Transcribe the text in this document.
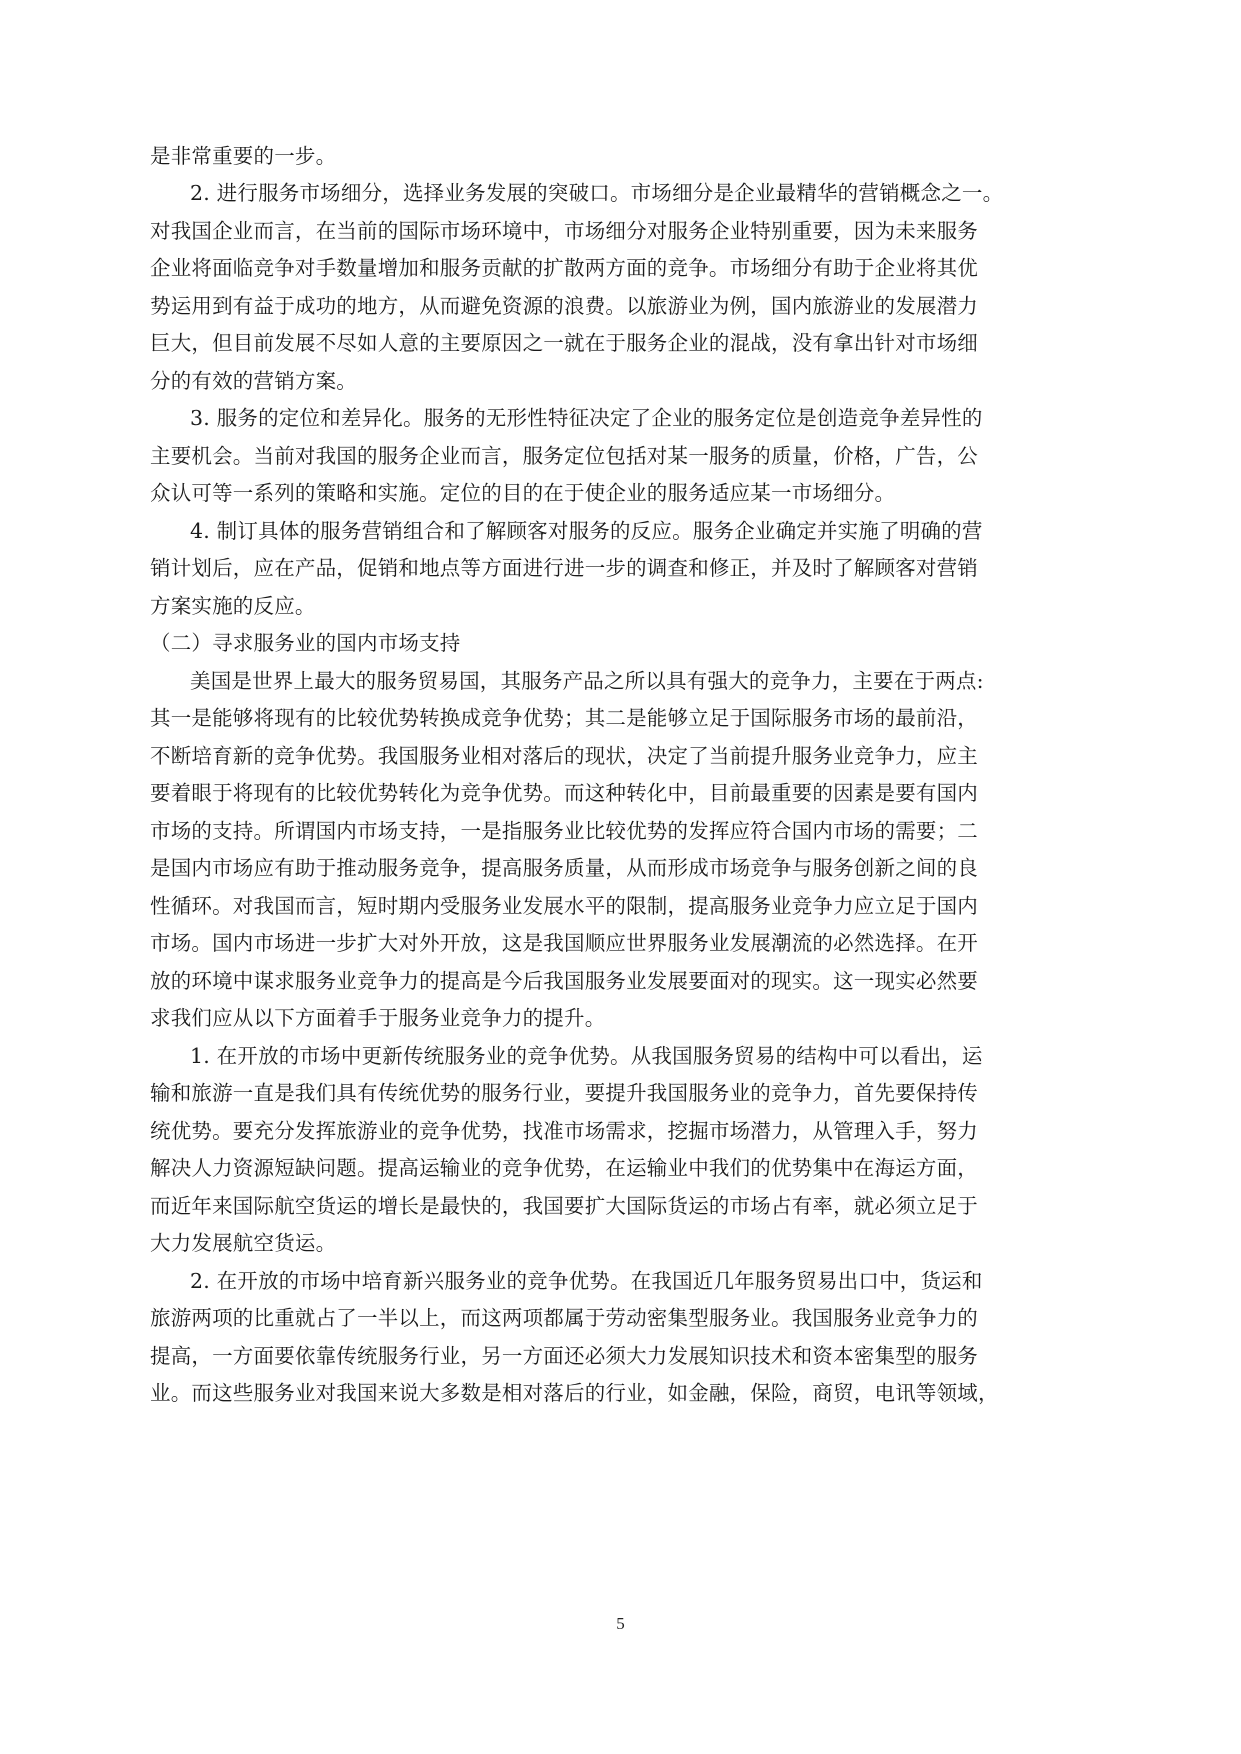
是非常重要的一步。
2. 进行服务市场细分，选择业务发展的突破口。市场细分是企业最精华的营销概念之一。
对我国企业而言，在当前的国际市场环境中，市场细分对服务企业特别重要，因为未来服务
企业将面临竞争对手数量增加和服务贡献的扩散两方面的竞争。市场细分有助于企业将其优
势运用到有益于成功的地方，从而避免资源的浪费。以旅游业为例，国内旅游业的发展潜力
巨大，但目前发展不尽如人意的主要原因之一就在于服务企业的混战，没有拿出针对市场细
分的有效的营销方案。
3. 服务的定位和差异化。服务的无形性特征决定了企业的服务定位是创造竞争差异性的
主要机会。当前对我国的服务企业而言，服务定位包括对某一服务的质量，价格，广告，公
众认可等一系列的策略和实施。定位的目的在于使企业的服务适应某一市场细分。
4. 制订具体的服务营销组合和了解顾客对服务的反应。服务企业确定并实施了明确的营
销计划后，应在产品，促销和地点等方面进行进一步的调查和修正，并及时了解顾客对营销
方案实施的反应。
（二）寻求服务业的国内市场支持
美国是世界上最大的服务贸易国，其服务产品之所以具有强大的竞争力，主要在于两点:
其一是能够将现有的比较优势转换成竞争优势；其二是能够立足于国际服务市场的最前沿，
不断培育新的竞争优势。我国服务业相对落后的现状，决定了当前提升服务业竞争力，应主
要着眼于将现有的比较优势转化为竞争优势。而这种转化中，目前最重要的因素是要有国内
市场的支持。所谓国内市场支持，一是指服务业比较优势的发挥应符合国内市场的需要；二
是国内市场应有助于推动服务竞争，提高服务质量，从而形成市场竞争与服务创新之间的良
性循环。对我国而言，短时期内受服务业发展水平的限制，提高服务业竞争力应立足于国内
市场。国内市场进一步扩大对外开放，这是我国顺应世界服务业发展潮流的必然选择。在开
放的环境中谋求服务业竞争力的提高是今后我国服务业发展要面对的现实。这一现实必然要
求我们应从以下方面着手于服务业竞争力的提升。
1. 在开放的市场中更新传统服务业的竞争优势。从我国服务贸易的结构中可以看出，运
输和旅游一直是我们具有传统优势的服务行业，要提升我国服务业的竞争力，首先要保持传
统优势。要充分发挥旅游业的竞争优势，找准市场需求，挖掘市场潜力，从管理入手，努力
解决人力资源短缺问题。提高运输业的竞争优势，在运输业中我们的优势集中在海运方面，
而近年来国际航空货运的增长是最快的，我国要扩大国际货运的市场占有率，就必须立足于
大力发展航空货运。
2. 在开放的市场中培育新兴服务业的竞争优势。在我国近几年服务贸易出口中，货运和
旅游两项的比重就占了一半以上，而这两项都属于劳动密集型服务业。我国服务业竞争力的
提高，一方面要依靠传统服务行业，另一方面还必须大力发展知识技术和资本密集型的服务
业。而这些服务业对我国来说大多数是相对落后的行业，如金融，保险，商贸，电讯等领域，
5
